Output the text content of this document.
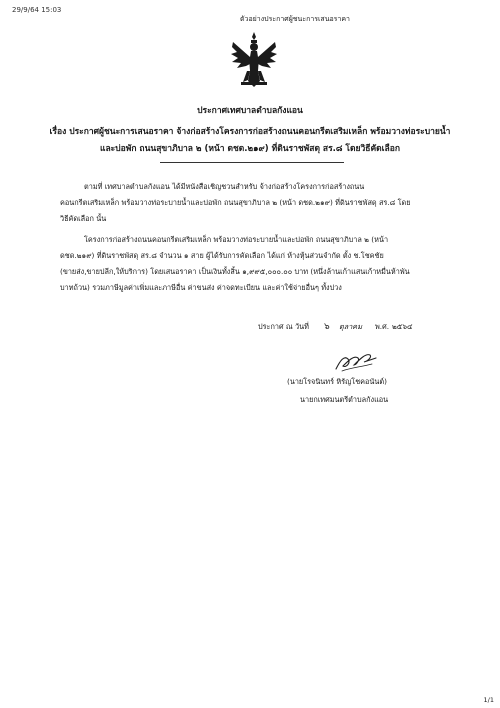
29/9/64 15:03
ตัวอย่างประกาศผู้ชนะการเสนอราคา
ประกาศเทศบาลตำบลกังแอน
เรื่อง ประกาศผู้ชนะการเสนอราคา จ้างก่อสร้างโครงการก่อสร้างถนนคอนกรีตเสริมเหล็ก พร้อมวางท่อระบายน้ำ
และบ่อพัก ถนนสุขาภิบาล ๒ (หน้า ดชด.๒๑๙) ที่ดินราชพัสดุ สร.๘ โดยวิธีคัดเลือก
ตามที่ เทศบาลตำบลกังแอน ได้มีหนังสือเชิญชวนสำหรับ จ้างก่อสร้างโครงการก่อสร้างถนน
คอนกรีตเสริมเหล็ก พร้อมวางท่อระบายน้ำและบ่อพัก ถนนสุขาภิบาล ๒ (หน้า ดชด.๒๑๙) ที่ดินราชพัสดุ สร.๘ โดย
วิธีคัดเลือก นั้น
โครงการก่อสร้างถนนคอนกรีตเสริมเหล็ก พร้อมวางท่อระบายน้ำและบ่อพัก ถนนสุขาภิบาล ๒ (หน้า
ดชด.๒๑๙) ที่ดินราชพัสดุ สร.๘ จำนวน ๑ สาย ผู้ได้รับการคัดเลือก ได้แก่ ห้างหุ้นส่วนจำกัด ตั้ง ช.โชคชัย
(ขายส่ง,ขายปลีก,ให้บริการ) โดยเสนอราคา เป็นเงินทั้งสิ้น ๑,๙๙๕,๐๐๐.๐๐ บาท (หนึ่งล้านเก้าแสนเก้าหมื่นห้าพัน
บาทถ้วน) รวมภาษีมูลค่าเพิ่มและภาษีอื่น ค่าขนส่ง ค่าจดทะเบียน และค่าใช้จ่ายอื่นๆ ทั้งปวง
ประกาศ ณ วันที่ ๖ ตุลาคม พ.ศ. ๒๕๖๔
(นายโรจนินทร์ หิรัญโชคอนันต์)
นายกเทศมนตรีตำบลกังแอน
1/1
